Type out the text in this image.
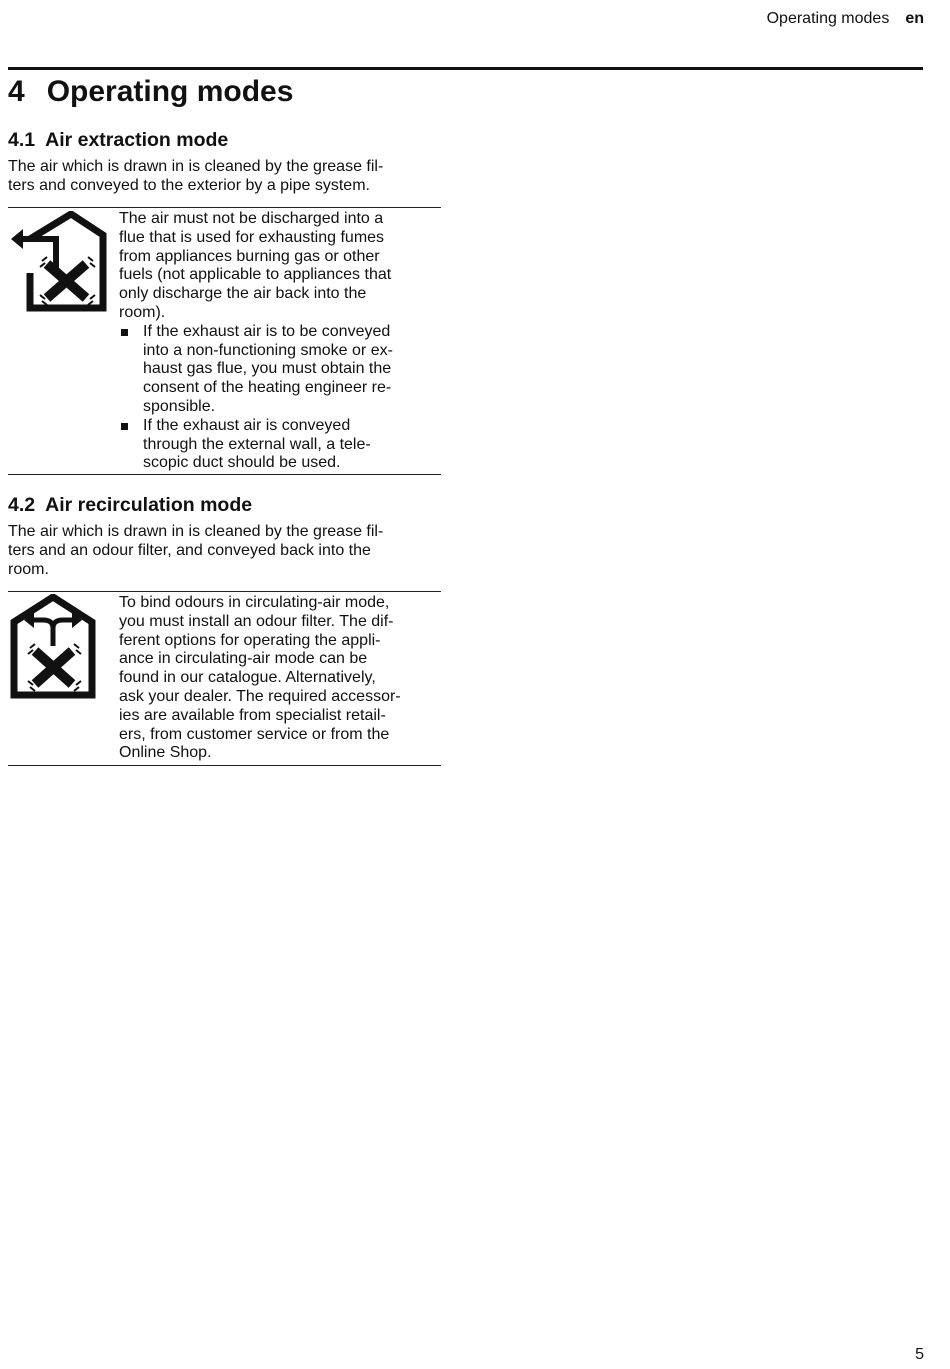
Operating modes en
4 Operating modes
4.1 Air extraction mode

The air which is drawn in is cleaned by the grease fil-
ters and conveyed to the exterior by a pipe system.

The air must not be discharged into a
flue that is used for exhausting fumes
from appliances burning gas or other
fuels (not applicable to appliances that
only discharge the air back into the
room).
If the exhaust air is to be conveyed
into a non-functioning smoke or ex-
haust gas flue, you must obtain the
consent of the heating engineer re-
sponsible.
If the exhaust air is conveyed
through the external wall, a tele-
scopic duct should be used.
4.2 Air recirculation mode

The air which is drawn in is cleaned by the grease fil-
ters and an odour filter, and conveyed back into the
room.

To bind odours in circulating-air mode,
you must install an odour filter. The dif-
ferent options for operating the appli-
ance in circulating-air mode can be
found in our catalogue. Alternatively,
ask your dealer. The required accessor-
ies are available from specialist retail-
ers, from customer service or from the
Online Shop.
5
